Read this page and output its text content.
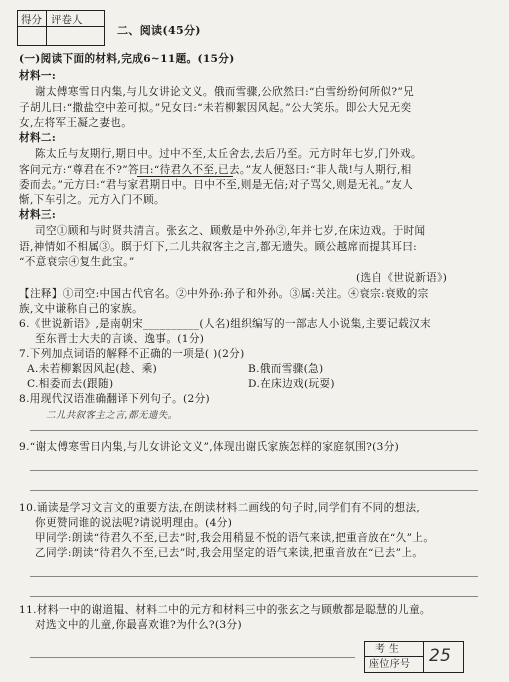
得分 评卷人
二、阅读(45分)
(一)阅读下面的材料,完成6~11题。(15分)
材料一:
谢太傅寒雪日内集,与儿女讲论文义。俄而雪骤,公欣然曰:“白雪纷纷何所似?”兄
子胡儿曰:“撒盐空中差可拟。”兄女曰:“未若柳絮因风起。”公大笑乐。即公大兄无奕
女,左将军王凝之妻也。
材料二:
陈太丘与友期行,期日中。过中不至,太丘舍去,去后乃至。元方时年七岁,门外戏。
客问元方:“尊君在不?”答曰:“待君久不至,已去。”友人便怒曰:“非人哉!与人期行,相
委而去。”元方曰:“君与家君期日中。日中不至,则是无信;对子骂父,则是无礼。”友人
惭,下车引之。元方入门不顾。
材料三:
司空①顾和与时贤共清言。张玄之、顾敷是中外孙②,年并七岁,在床边戏。于时闻
语,神情如不相属③。瞑于灯下,二儿共叙客主之言,都无遗失。顾公越席而提其耳曰:
“不意衰宗④复生此宝。”
(选自《世说新语》)
【注释】①司空:中国古代官名。②中外孙:孙子和外孙。③属:关注。④衰宗:衰败的宗
族,文中谦称自己的家族。
6.《世说新语》,是南朝宋__________(人名)组织编写的一部志人小说集,主要记载汉末
至东晋士大夫的言谈、逸事。(1分)
7.下列加点词语的解释不正确的一项是( )(2分)
A.未若柳絮因风起(趁、乘)	B.俄而雪骤(急)
C.相委而去(跟随)	D.在床边戏(玩耍)
8.用现代汉语准确翻译下列句子。(2分)
二儿共叙客主之言,都无遗失。
9.“谢太傅寒雪日内集,与儿女讲论文义”,体现出谢氏家族怎样的家庭氛围?(3分)
10.诵读是学习文言文的重要方法,在朗读材料二画线的句子时,同学们有不同的想法,
你更赞同谁的说法呢?请说明理由。(4分)
甲同学:朗读“待君久不至,已去”时,我会用稍显不悦的语气来读,把重音放在“久”上。
乙同学:朗读“待君久不至,已去”时,我会用坚定的语气来读,把重音放在“已去”上。
11.材料一中的谢道韫、材料二中的元方和材料三中的张玄之与顾敷都是聪慧的儿童。
对选文中的儿童,你最喜欢谁?为什么?(3分)
考 生
座位序号 25
